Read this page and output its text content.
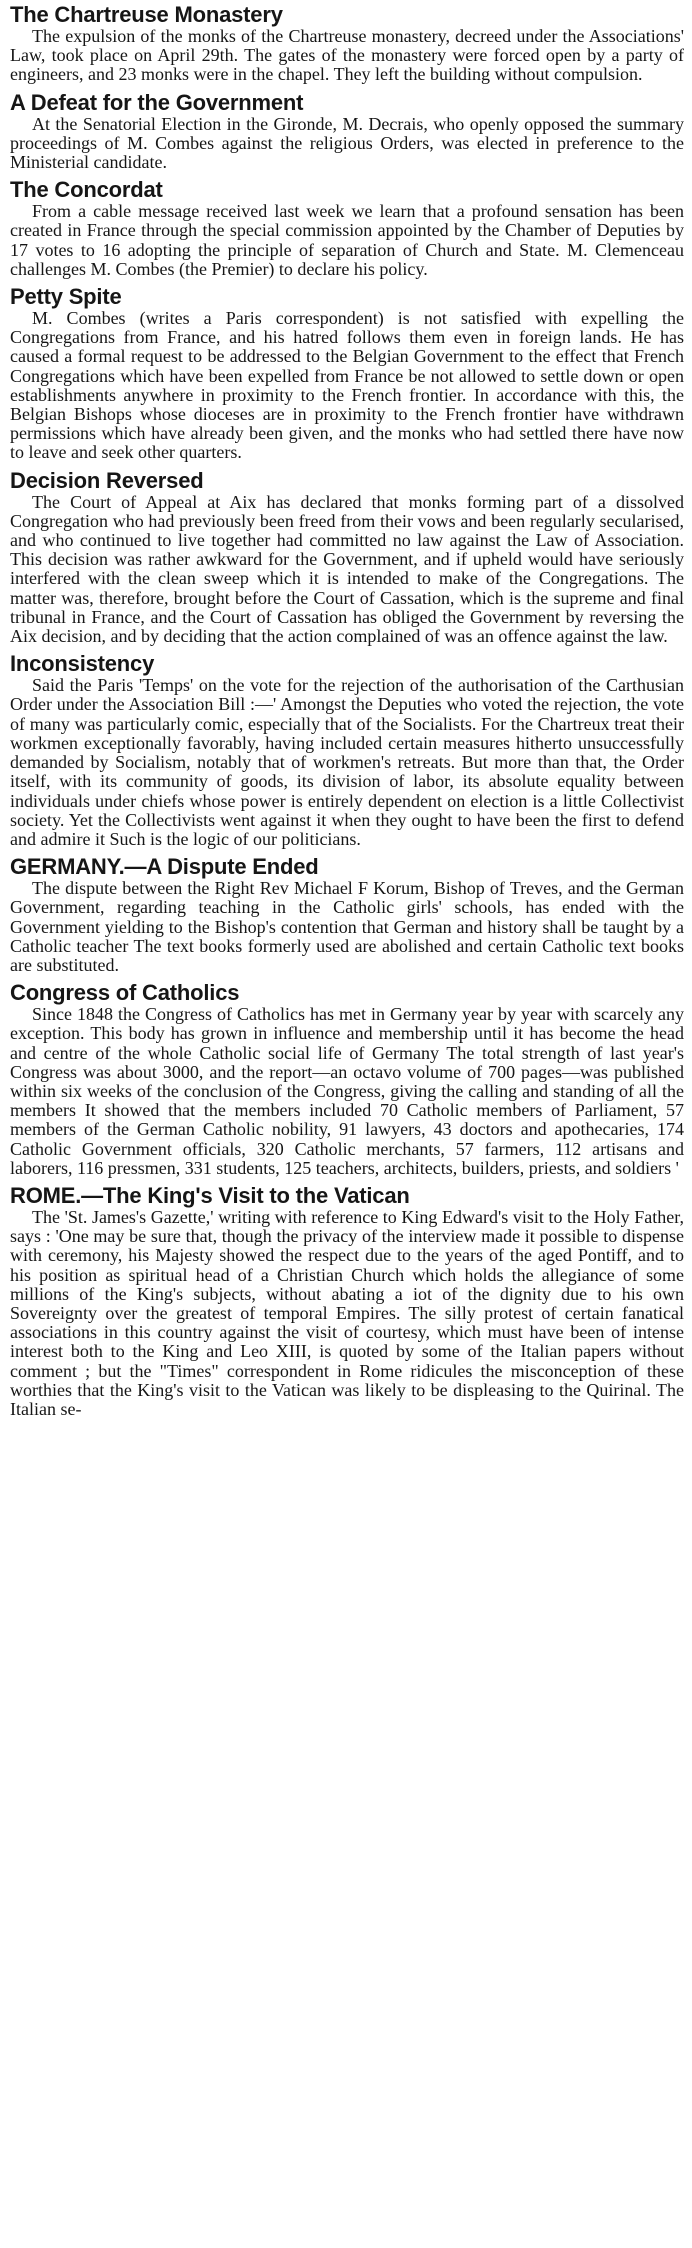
The Chartreuse Monastery

The expulsion of the monks of the Chartreuse monastery, decreed under the Associations' Law, took place on April 29th. The gates of the monastery were forced open by a party of engineers, and 23 monks were in the chapel. They left the building without compulsion.

A Defeat for the Government

At the Senatorial Election in the Gironde, M. Decrais, who openly opposed the summary proceedings of M. Combes against the religious Orders, was elected in preference to the Ministerial candidate.

The Concordat

From a cable message received last week we learn that a profound sensation has been created in France through the special commission appointed by the Chamber of Deputies by 17 votes to 16 adopting the principle of separation of Church and State. M. Clemenceau challenges M. Combes (the Premier) to declare his policy.

Petty Spite

M. Combes (writes a Paris correspondent) is not satisfied with expelling the Congregations from France, and his hatred follows them even in foreign lands. He has caused a formal request to be addressed to the Belgian Government to the effect that French Congregations which have been expelled from France be not allowed to settle down or open establishments anywhere in proximity to the French frontier. In accordance with this, the Belgian Bishops whose dioceses are in proximity to the French frontier have withdrawn permissions which have already been given, and the monks who had settled there have now to leave and seek other quarters.

Decision Reversed

The Court of Appeal at Aix has declared that monks forming part of a dissolved Congregation who had previously been freed from their vows and been regularly secularised, and who continued to live together had committed no law against the Law of Association. This decision was rather awkward for the Government, and if upheld would have seriously interfered with the clean sweep which it is intended to make of the Congregations. The matter was, therefore, brought before the Court of Cassation, which is the supreme and final tribunal in France, and the Court of Cassation has obliged the Government by reversing the Aix decision, and by deciding that the action complained of was an offence against the law.

Inconsistency

Said the Paris 'Temps' on the vote for the rejection of the authorisation of the Carthusian Order under the Association Bill :—' Amongst the Deputies who voted the rejection, the vote of many was particularly comic, especially that of the Socialists. For the Chartreux treat their workmen exceptionally favorably, having included certain measures hitherto unsuccessfully demanded by Socialism, notably that of workmen's retreats. But more than that, the Order itself, with its community of goods, its division of labor, its absolute equality between individuals under chiefs whose power is entirely dependent on election is a little Collectivist society. Yet the Collectivists went against it when they ought to have been the first to defend and admire it Such is the logic of our politicians.

GERMANY.—A Dispute Ended

The dispute between the Right Rev Michael F Korum, Bishop of Treves, and the German Government, regarding teaching in the Catholic girls' schools, has ended with the Government yielding to the Bishop's contention that German and history shall be taught by a Catholic teacher The text books formerly used are abolished and certain Catholic text books are substituted.

Congress of Catholics

Since 1848 the Congress of Catholics has met in Germany year by year with scarcely any exception. This body has grown in influence and membership until it has become the head and centre of the whole Catholic social life of Germany The total strength of last year's Congress was about 3000, and the report—an octavo volume of 700 pages—was published within six weeks of the conclusion of the Congress, giving the calling and standing of all the members It showed that the members included 70 Catholic members of Parliament, 57 members of the German Catholic nobility, 91 lawyers, 43 doctors and apothecaries, 174 Catholic Government officials, 320 Catholic merchants, 57 farmers, 112 artisans and laborers, 116 pressmen, 331 students, 125 teachers, architects, builders, priests, and soldiers '

ROME.—The King's Visit to the Vatican

The 'St. James's Gazette,' writing with reference to King Edward's visit to the Holy Father, says : 'One may be sure that, though the privacy of the interview made it possible to dispense with ceremony, his Majesty showed the respect due to the years of the aged Pontiff, and to his position as spiritual head of a Christian Church which holds the allegiance of some millions of the King's subjects, without abating a iot of the dignity due to his own Sovereignty over the greatest of temporal Empires. The silly protest of certain fanatical associations in this country against the visit of courtesy, which must have been of intense interest both to the King and Leo XIII, is quoted by some of the Italian papers without comment ; but the "Times" correspondent in Rome ridicules the misconception of these worthies that the King's visit to the Vatican was likely to be displeasing to the Quirinal. The Italian se-
